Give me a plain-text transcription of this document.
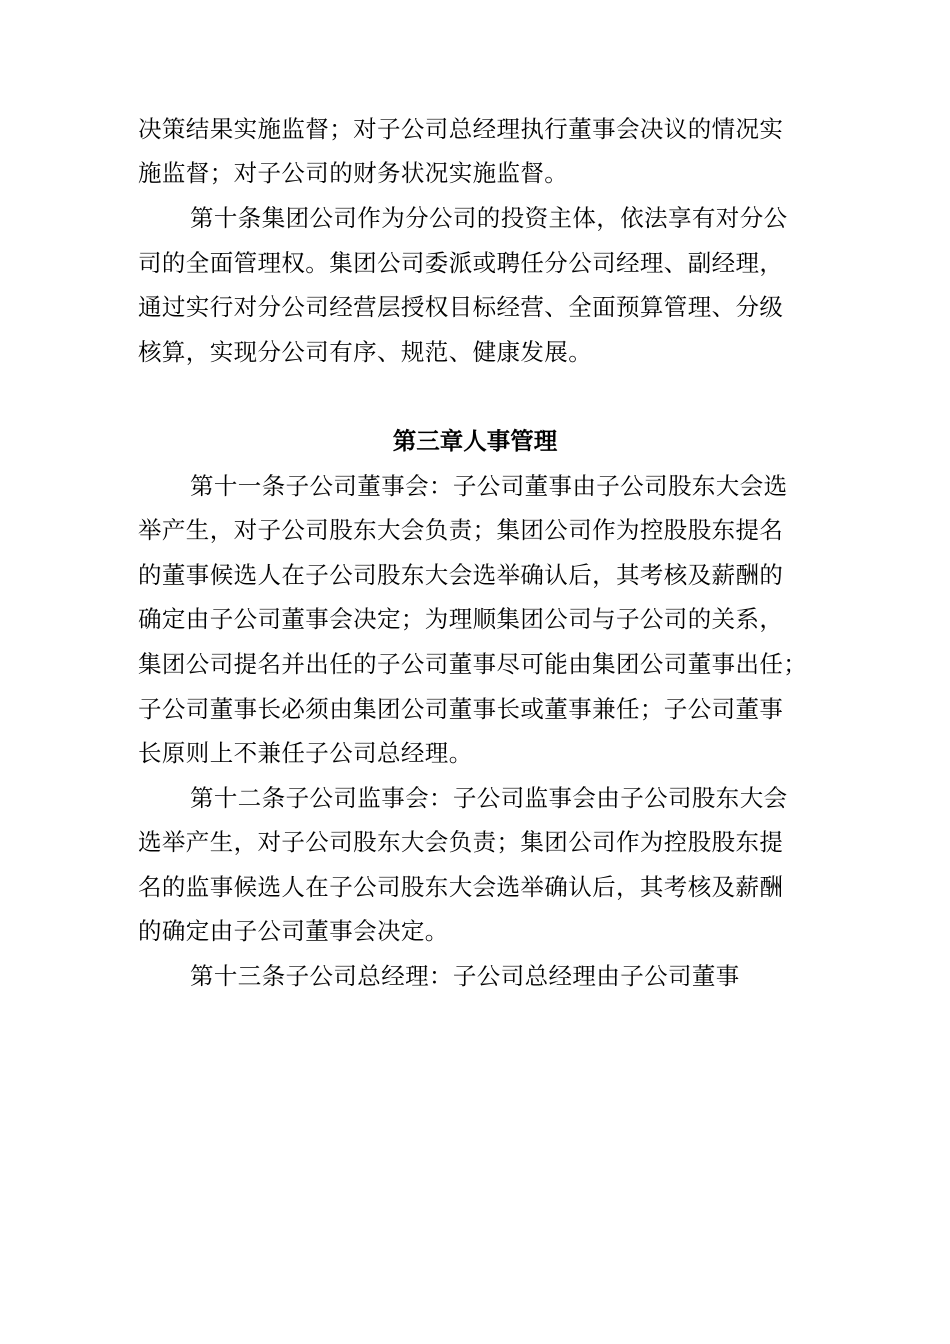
决策结果实施监督；对子公司总经理执行董事会决议的情况实
施监督；对子公司的财务状况实施监督。
第十条集团公司作为分公司的投资主体，依法享有对分公
司的全面管理权。集团公司委派或聘任分公司经理、副经理，
通过实行对分公司经营层授权目标经营、全面预算管理、分级
核算，实现分公司有序、规范、健康发展。
第三章人事管理
第十一条子公司董事会：子公司董事由子公司股东大会选
举产生，对子公司股东大会负责；集团公司作为控股股东提名
的董事候选人在子公司股东大会选举确认后，其考核及薪酬的
确定由子公司董事会决定；为理顺集团公司与子公司的关系，
集团公司提名并出任的子公司董事尽可能由集团公司董事出任；
子公司董事长必须由集团公司董事长或董事兼任；子公司董事
长原则上不兼任子公司总经理。
第十二条子公司监事会：子公司监事会由子公司股东大会
选举产生，对子公司股东大会负责；集团公司作为控股股东提
名的监事候选人在子公司股东大会选举确认后，其考核及薪酬
的确定由子公司董事会决定。
第十三条子公司总经理：子公司总经理由子公司董事
